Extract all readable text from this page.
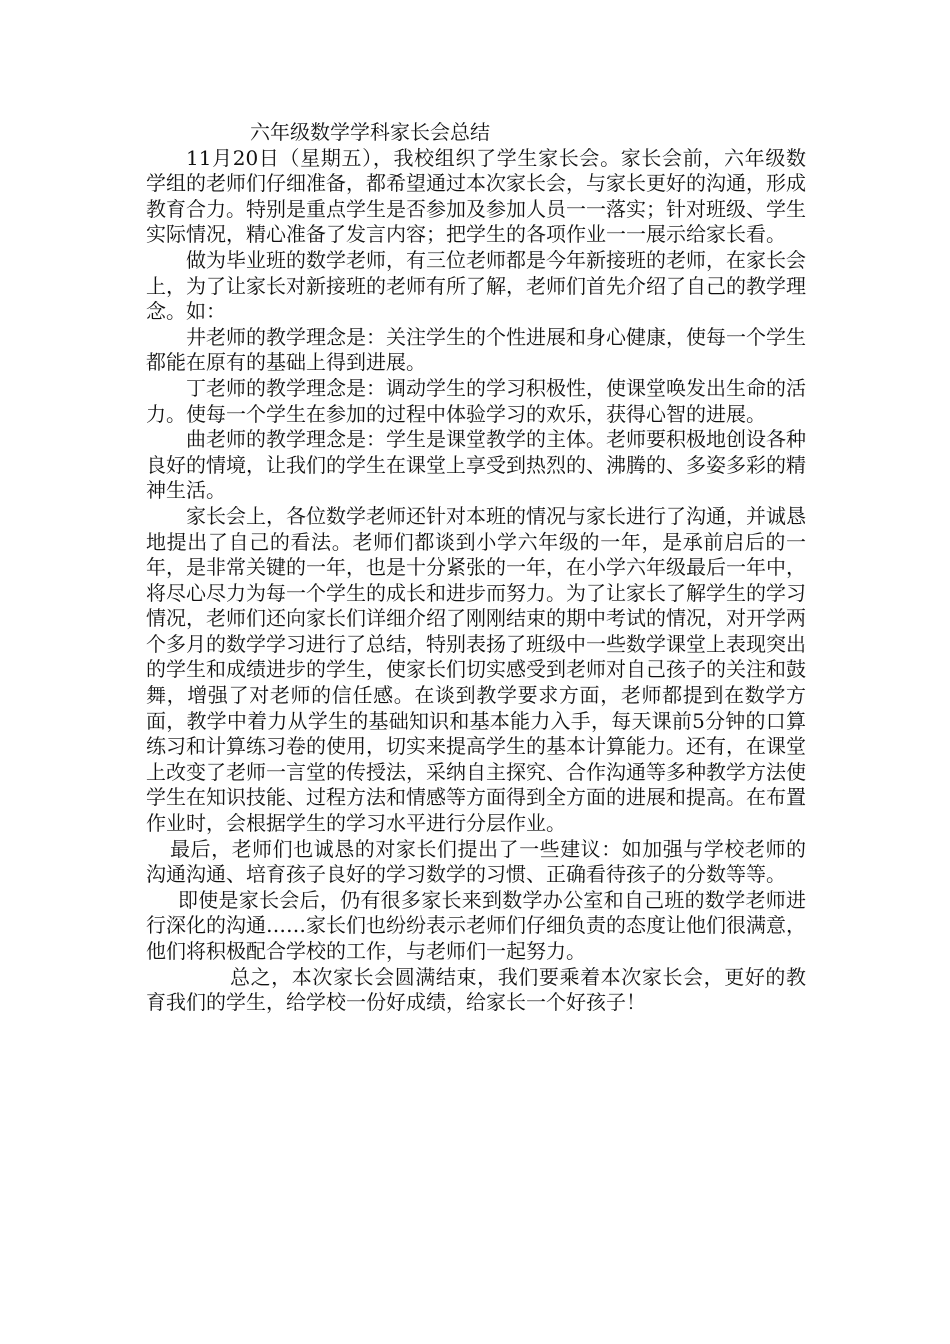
六年级数学学科家长会总结

11月20日（星期五），我校组织了学生家长会。家长会前，六年级数学组的老师们仔细准备，都希望通过本次家长会，与家长更好的沟通，形成教育合力。特别是重点学生是否参加及参加人员一一落实；针对班级、学生实际情况，精心准备了发言内容；把学生的各项作业一一展示给家长看。

做为毕业班的数学老师，有三位老师都是今年新接班的老师，在家长会上，为了让家长对新接班的老师有所了解，老师们首先介绍了自己的教学理念。如：

井老师的教学理念是：关注学生的个性进展和身心健康，使每一个学生都能在原有的基础上得到进展。

丁老师的教学理念是：调动学生的学习积极性，使课堂唤发出生命的活力。使每一个学生在参加的过程中体验学习的欢乐，获得心智的进展。

曲老师的教学理念是：学生是课堂教学的主体。老师要积极地创设各种良好的情境，让我们的学生在课堂上享受到热烈的、沸腾的、多姿多彩的精神生活。

家长会上，各位数学老师还针对本班的情况与家长进行了沟通，并诚恳地提出了自己的看法。老师们都谈到小学六年级的一年，是承前启后的一年，是非常关键的一年，也是十分紧张的一年，在小学六年级最后一年中，将尽心尽力为每一个学生的成长和进步而努力。为了让家长了解学生的学习情况，老师们还向家长们详细介绍了刚刚结束的期中考试的情况，对开学两个多月的数学学习进行了总结，特别表扬了班级中一些数学课堂上表现突出的学生和成绩进步的学生，使家长们切实感受到老师对自己孩子的关注和鼓舞，增强了对老师的信任感。在谈到教学要求方面，老师都提到在数学方面，教学中着力从学生的基础知识和基本能力入手，每天课前5分钟的口算练习和计算练习卷的使用，切实来提高学生的基本计算能力。还有，在课堂上改变了老师一言堂的传授法，采纳自主探究、合作沟通等多种教学方法使学生在知识技能、过程方法和情感等方面得到全方面的进展和提高。在布置作业时，会根据学生的学习水平进行分层作业。

最后，老师们也诚恳的对家长们提出了一些建议：如加强与学校老师的沟通沟通、培育孩子良好的学习数学的习惯、正确看待孩子的分数等等。

即使是家长会后，仍有很多家长来到数学办公室和自己班的数学老师进行深化的沟通……家长们也纷纷表示老师们仔细负责的态度让他们很满意，他们将积极配合学校的工作，与老师们一起努力。

总之，本次家长会圆满结束，我们要乘着本次家长会，更好的教育我们的学生，给学校一份好成绩，给家长一个好孩子！
